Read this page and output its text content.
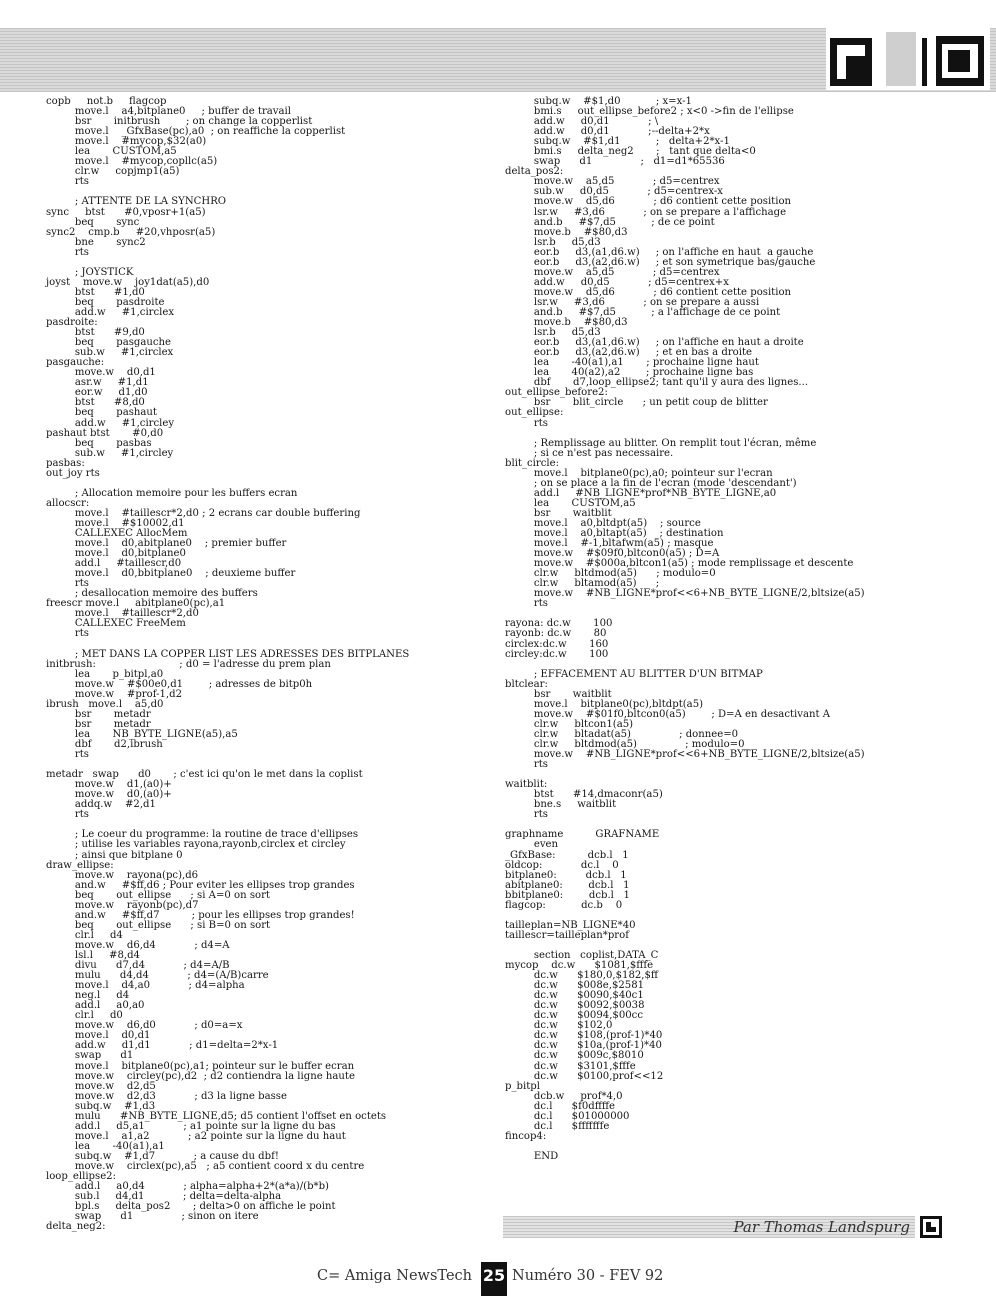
copb     not.b     flagcop
move.l    a4,bitplane0     ; buffer de travail
bsr       initbrush        ; on change la copperlist
move.l    _GfxBase(pc),a0  ; on reaffiche la copperlist
move.l    #mycop,$32(a0)
lea       CUSTOM,a5
move.l    #mycop,copllc(a5)
clr.w     copjmp1(a5)
rts

; ATTENTE DE LA SYNCHRO
sync     btst      #0,vposr+1(a5)
beq       sync
sync2    cmp.b     #20,vhposr(a5)
bne       sync2
rts

; JOYSTICK
joyst    move.w    joy1dat(a5),d0
btst      #1,d0
beq       pasdroite
add.w     #1,circlex
pasdroite:
btst      #9,d0
beq       pasgauche
sub.w     #1,circlex
pasgauche:
move.w    d0,d1
asr.w     #1,d1
eor.w     d1,d0
btst      #8,d0
beq       pashaut
add.w     #1,circley
pashaut btst       #0,d0
beq       pasbas
sub.w     #1,circley
pasbas:
out_joy rts

; Allocation memoire pour les buffers ecran
allocscr:
move.l    #taillescr*2,d0 ; 2 ecrans car double buffering
move.l    #$10002,d1
CALLEXEC AllocMem
move.l    d0,abitplane0    ; premier buffer
move.l    d0,bitplane0
add.l     #taillescr,d0
move.l    d0,bbitplane0    ; deuxieme buffer
rts
; desallocation memoire des buffers
freescr move.l     abitplane0(pc),a1
move.l    #taillescr*2,d0
CALLEXEC FreeMem
rts

; MET DANS LA COPPER LIST LES ADRESSES DES BITPLANES
initbrush:                          ; d0 = l'adresse du prem plan
lea       p_bitpl,a0
move.w    #$00e0,d1        ; adresses de bitp0h
move.w    #prof-1,d2
ibrush   move.l    a5,d0
bsr       metadr
bsr       metadr
lea       NB_BYTE_LIGNE(a5),a5
dbf       d2,ibrush
rts

metadr   swap      d0       ; c'est ici qu'on le met dans la coplist
move.w    d1,(a0)+
move.w    d0,(a0)+
addq.w    #2,d1
rts

; Le coeur du programme: la routine de trace d'ellipses
; utilise les variables rayona,rayonb,circlex et circley
; ainsi que bitplane 0
draw_ellipse:
move.w    rayona(pc),d6
and.w     #$ff,d6 ; Pour eviter les ellipses trop grandes
beq       out_ellipse      ; si A=0 on sort
move.w    rayonb(pc),d7
and.w     #$ff,d7          ; pour les ellipses trop grandes!
beq       out_ellipse      ; si B=0 on sort
clr.l     d4
move.w    d6,d4            ; d4=A
lsl.l     #8,d4
divu      d7,d4            ; d4=A/B
mulu      d4,d4            ; d4=(A/B)carre
move.l    d4,a0            ; d4=alpha
neg.l     d4
add.l     a0,a0
clr.l     d0
move.w    d6,d0            ; d0=a=x
move.l    d0,d1
add.w     d1,d1            ; d1=delta=2*x-1
swap      d1
move.l    bitplane0(pc),a1; pointeur sur le buffer ecran
move.w    circley(pc),d2  ; d2 contiendra la ligne haute
move.w    d2,d5
move.w    d2,d3            ; d3 la ligne basse
subq.w    #1,d3
mulu      #NB_BYTE_LIGNE,d5; d5 contient l'offset en octets
add.l     d5,a1            ; a1 pointe sur la ligne du bas
move.l    a1,a2            ; a2 pointe sur la ligne du haut
lea       -40(a1),a1
subq.w    #1,d7            ; a cause du dbf!
move.w    circlex(pc),a5   ; a5 contient coord x du centre
loop_ellipse2:
add.l     a0,d4            ; alpha=alpha+2*(a*a)/(b*b)
sub.l     d4,d1            ; delta=delta-alpha
bpl.s     delta_pos2       ; delta>0 on affiche le point
swap      d1               ; sinon on itere
delta_neg2:
subq.w    #$1,d0           ; x=x-1
bmi.s     out_ellipse_before2 ; x<0 ->fin de l'ellipse
add.w     d0,d1            ; \
add.w     d0,d1            ;--delta+2*x
subq.w    #$1,d1           ;   delta+2*x-1
bmi.s     delta_neg2       ;   tant que delta<0
swap      d1               ;   d1=d1*65536
delta_pos2:
move.w    a5,d5            ; d5=centrex
sub.w     d0,d5            ; d5=centrex-x
move.w    d5,d6            ; d6 contient cette position
lsr.w     #3,d6            ; on se prepare a l'affichage
and.b     #$7,d5           ; de ce point
move.b    #$80,d3
lsr.b     d5,d3
eor.b     d3,(a1,d6.w)     ; on l'affiche en haut  a gauche
eor.b     d3,(a2,d6.w)     ; et son symetrique bas/gauche
move.w    a5,d5            ; d5=centrex
add.w     d0,d5            ; d5=centrex+x
move.w    d5,d6            ; d6 contient cette position
lsr.w     #3,d6            ; on se prepare a aussi
and.b     #$7,d5           ; a l'affichage de ce point
move.b    #$80,d3
lsr.b     d5,d3
eor.b     d3,(a1,d6.w)     ; on l'affiche en haut a droite
eor.b     d3,(a2,d6.w)     ; et en bas a droite
lea       -40(a1),a1       ; prochaine ligne haut
lea       40(a2),a2        ; prochaine ligne bas
dbf       d7,loop_ellipse2; tant qu'il y aura des lignes...
out_ellipse_before2:
bsr       blit_circle      ; un petit coup de blitter
out_ellipse:
rts

; Remplissage au blitter. On remplit tout l'écran, même
; si ce n'est pas necessaire.
blit_circle:
move.l    bitplane0(pc),a0; pointeur sur l'ecran
; on se place a la fin de l'ecran (mode 'descendant')
add.l     #NB_LIGNE*prof*NB_BYTE_LIGNE,a0
lea       CUSTOM,a5
bsr       waitblit
move.l    a0,bltdpt(a5)    ; source
move.l    a0,bltapt(a5)    ; destination
move.l    #-1,bltafwm(a5) ; masque
move.w    #$09f0,bltcon0(a5) ; D=A
move.w    #$000a,bltcon1(a5) ; mode remplissage et descente
clr.w     bltdmod(a5)      ; modulo=0
clr.w     bltamod(a5)      ;
move.w    #NB_LIGNE*prof<<6+NB_BYTE_LIGNE/2,bltsize(a5)
rts

rayona: dc.w       100
rayonb: dc.w       80
circlex:dc.w       160
circley:dc.w       100

; EFFACEMENT AU BLITTER D'UN BITMAP
bltclear:
bsr       waitblit
move.l    bitplane0(pc),bltdpt(a5)
move.w    #$01f0,bltcon0(a5)        ; D=A en desactivant A
clr.w     bltcon1(a5)
clr.w     bltadat(a5)               ; donnee=0
clr.w     bltdmod(a5)               ; modulo=0
move.w    #NB_LIGNE*prof<<6+NB_BYTE_LIGNE/2,bltsize(a5)
rts

waitblit:
btst      #14,dmaconr(a5)
bne.s     waitblit
rts

graphname          GRAFNAME
even
_GfxBase:          dcb.l   1
oldcop:            dc.l    0
bitplane0:         dcb.l   1
abitplane0:        dcb.l   1
bbitplane0:        dcb.l   1
flagcop:           dc.b    0

tailleplan=NB_LIGNE*40
taillescr=tailleplan*prof

section   coplist,DATA_C
mycop    dc.w      $1081,$fffe
dc.w      $180,0,$182,$ff
dc.w      $008e,$2581
dc.w      $0090,$40c1
dc.w      $0092,$0038
dc.w      $0094,$00cc
dc.w      $102,0
dc.w      $108,(prof-1)*40
dc.w      $10a,(prof-1)*40
dc.w      $009c,$8010
dc.w      $3101,$fffe
dc.w      $0100,prof<<12
p_bitpl
dcb.w     prof*4,0
dc.l      $f0dffffe
dc.l      $01000000
dc.l      $fffffffe
fincop4:

END
Par Thomas Landspurg
C= Amiga NewsTech 25 Numéro 30 - FEV 92
